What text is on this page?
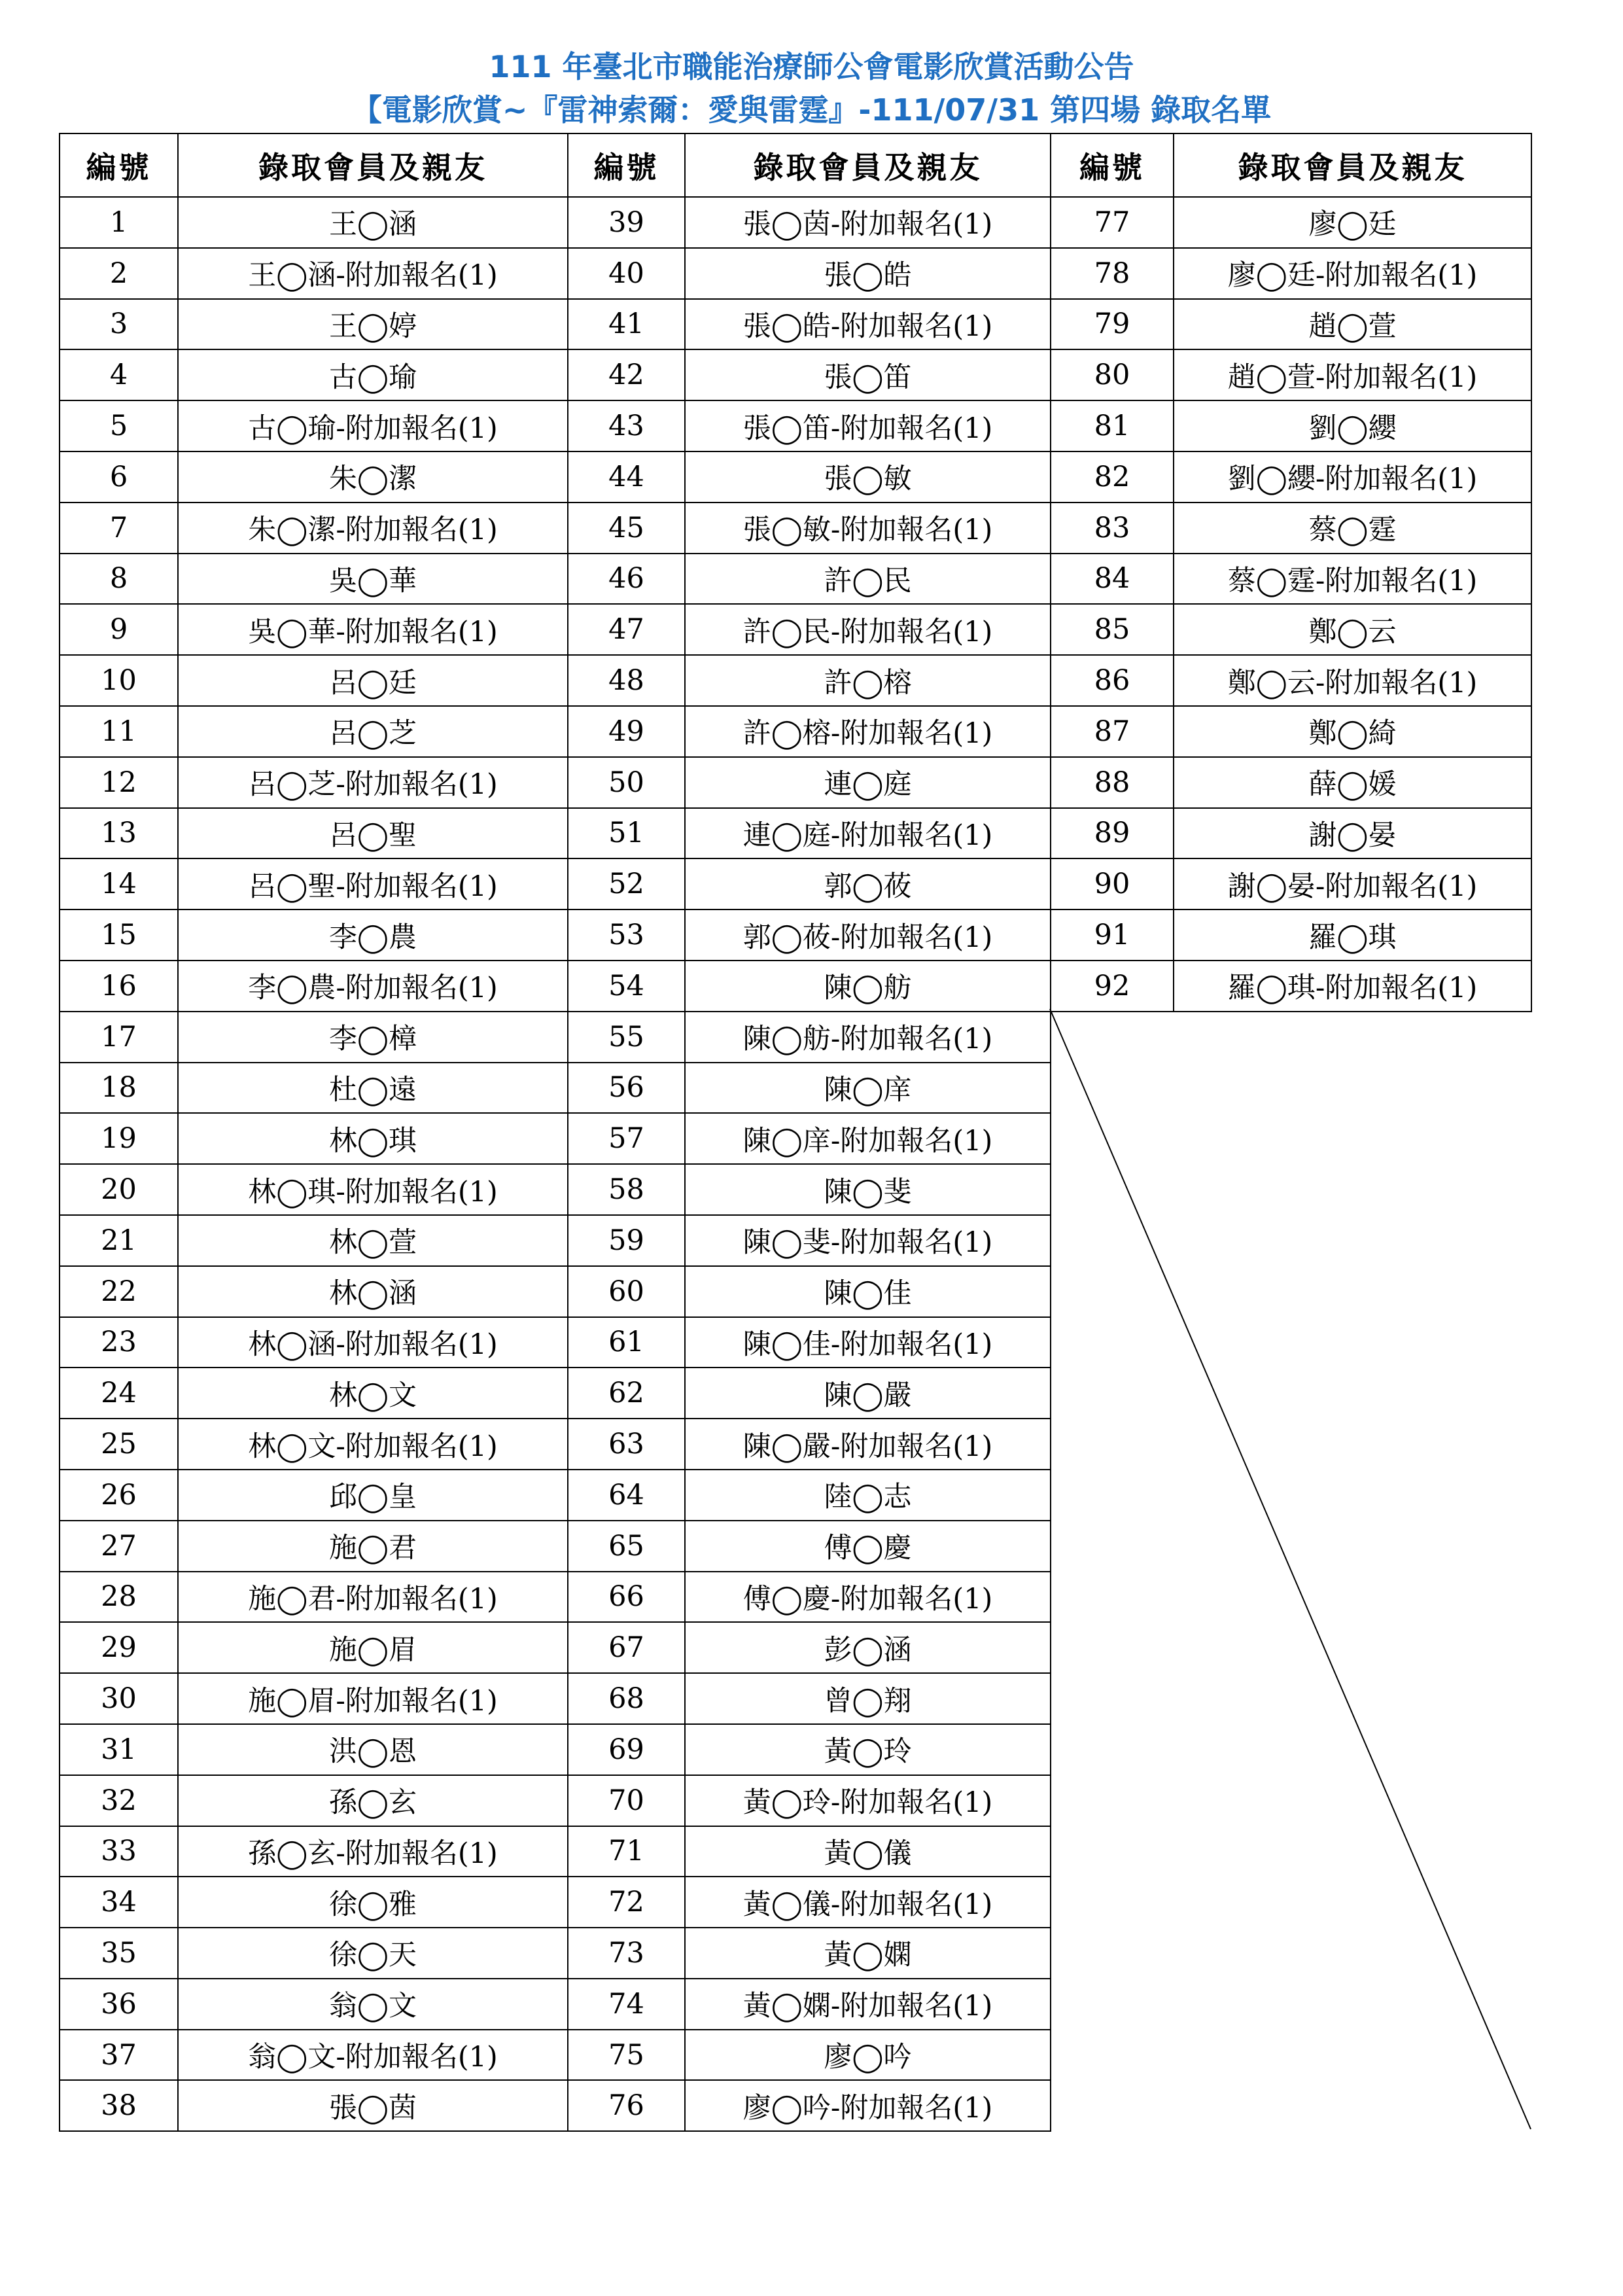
111 年臺北市職能治療師公會電影欣賞活動公告
【電影欣賞~『雷神索爾：愛與雷霆』-111/07/31 第四場 錄取名單
編號	錄取會員及親友	編號	錄取會員及親友	編號	錄取會員及親友
1	王◯涵	39	張◯茵-附加報名(1)	77	廖◯廷
2	王◯涵-附加報名(1)	40	張◯皓	78	廖◯廷-附加報名(1)
3	王◯婷	41	張◯皓-附加報名(1)	79	趙◯萱
4	古◯瑜	42	張◯笛	80	趙◯萱-附加報名(1)
5	古◯瑜-附加報名(1)	43	張◯笛-附加報名(1)	81	劉◯纓
6	朱◯潔	44	張◯敏	82	劉◯纓-附加報名(1)
7	朱◯潔-附加報名(1)	45	張◯敏-附加報名(1)	83	蔡◯霆
8	吳◯華	46	許◯民	84	蔡◯霆-附加報名(1)
9	吳◯華-附加報名(1)	47	許◯民-附加報名(1)	85	鄭◯云
10	呂◯廷	48	許◯榕	86	鄭◯云-附加報名(1)
11	呂◯芝	49	許◯榕-附加報名(1)	87	鄭◯綺
12	呂◯芝-附加報名(1)	50	連◯庭	88	薛◯媛
13	呂◯聖	51	連◯庭-附加報名(1)	89	謝◯晏
14	呂◯聖-附加報名(1)	52	郭◯莜	90	謝◯晏-附加報名(1)
15	李◯農	53	郭◯莜-附加報名(1)	91	羅◯琪
16	李◯農-附加報名(1)	54	陳◯舫	92	羅◯琪-附加報名(1)
17	李◯樟	55	陳◯舫-附加報名(1)		
18	杜◯遠	56	陳◯庠		
19	林◯琪	57	陳◯庠-附加報名(1)		
20	林◯琪-附加報名(1)	58	陳◯斐		
21	林◯萱	59	陳◯斐-附加報名(1)		
22	林◯涵	60	陳◯佳		
23	林◯涵-附加報名(1)	61	陳◯佳-附加報名(1)		
24	林◯文	62	陳◯嚴		
25	林◯文-附加報名(1)	63	陳◯嚴-附加報名(1)		
26	邱◯皇	64	陸◯志		
27	施◯君	65	傅◯慶		
28	施◯君-附加報名(1)	66	傅◯慶-附加報名(1)		
29	施◯眉	67	彭◯涵		
30	施◯眉-附加報名(1)	68	曾◯翔		
31	洪◯恩	69	黃◯玲		
32	孫◯玄	70	黃◯玲-附加報名(1)		
33	孫◯玄-附加報名(1)	71	黃◯儀		
34	徐◯雅	72	黃◯儀-附加報名(1)		
35	徐◯天	73	黃◯嫻		
36	翁◯文	74	黃◯嫻-附加報名(1)		
37	翁◯文-附加報名(1)	75	廖◯吟		
38	張◯茵	76	廖◯吟-附加報名(1)		
